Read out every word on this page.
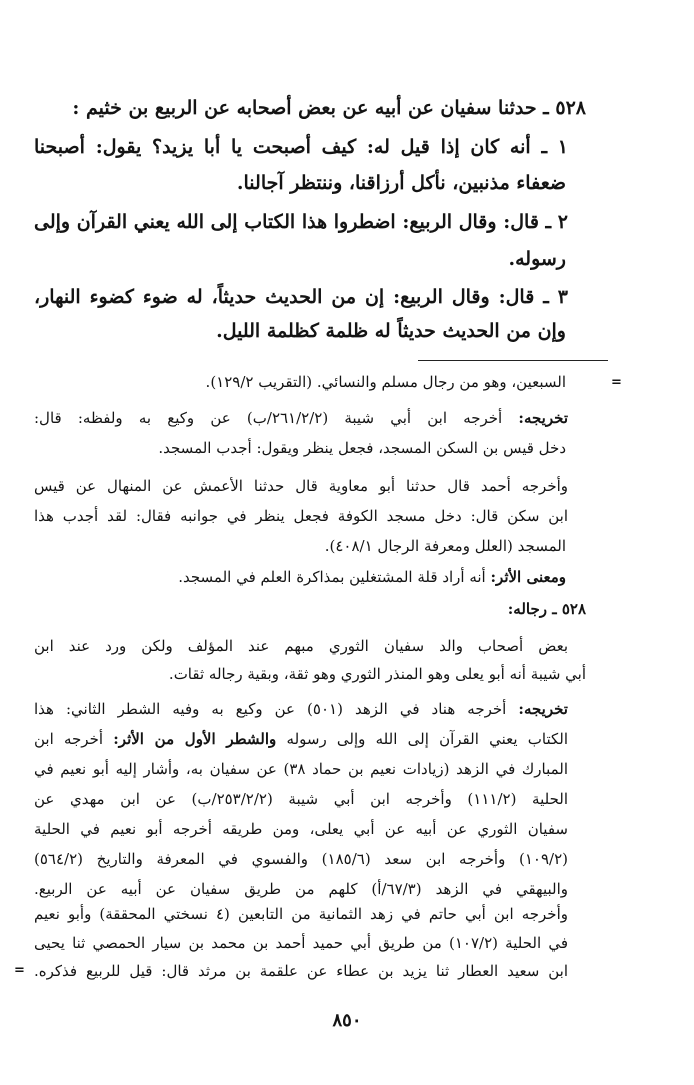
٥٢٨ ـ حدثنا سفيان عن أبيه عن بعض أصحابه عن الربيع بن خثيم :

١ ـ أنه كان إذا قيل له: كيف أصبحت يا أبا يزيد؟ يقول: أصبحنا

ضعفاء مذنبين، نأكل أرزاقنا، وننتظر آجالنا.

٢ ـ قال: وقال الربيع: اضطروا هذا الكتاب إلى الله يعني القرآن وإلى

رسوله.

٣ ـ قال: وقال الربيع: إن من الحديث حديثاً، له ضوء كضوء النهار،

وإن من الحديث حديثاً له ظلمة كظلمة الليل.

=

السبعين، وهو من رجال مسلم والنسائي. (التقريب ١٢٩/٢).

تخريجه: أخرجه ابن أبي شيبة (٢٦١/٢/٢/ب) عن وكيع به ولفظه: قال:

دخل قيس بن السكن المسجد، فجعل ينظر ويقول: أجدب المسجد.

وأخرجه أحمد قال حدثنا أبو معاوية قال حدثنا الأعمش عن المنهال عن قيس

ابن سكن قال: دخل مسجد الكوفة فجعل ينظر في جوانبه فقال: لقد أجدب هذا

المسجد (العلل ومعرفة الرجال ٤٠٨/١).

ومعنى الأثر: أنه أراد قلة المشتغلين بمذاكرة العلم في المسجد.

٥٢٨ ـ رجاله:

بعض أصحاب والد سفيان الثوري مبهم عند المؤلف ولكن ورد عند ابن

أبي شيبة أنه أبو يعلى وهو المنذر الثوري وهو ثقة، وبقية رجاله ثقات.

تخريجه: أخرجه هناد في الزهد (٥٠١) عن وكيع به وفيه الشطر الثاني: هذا

الكتاب يعني القرآن إلى الله وإلى رسوله والشطر الأول من الأثر: أخرجه ابن

المبارك في الزهد (زيادات نعيم بن حماد ٣٨) عن سفيان به، وأشار إليه أبو نعيم في

الحلية (١١١/٢) وأخرجه ابن أبي شيبة (٢٥٣/٢/٢/ب) عن ابن مهدي عن

سفيان الثوري عن أبيه عن أبي يعلى، ومن طريقه أخرجه أبو نعيم في الحلية

(١٠٩/٢) وأخرجه ابن سعد (١٨٥/٦) والفسوي في المعرفة والتاريخ (٥٦٤/٢)

والبيهقي في الزهد (٦٧/٣/أ) كلهم من طريق سفيان عن أبيه عن الربيع.

وأخرجه ابن أبي حاتم في زهد الثمانية من التابعين (٤ نسختي المحققة) وأبو نعيم

في الحلية (١٠٧/٢) من طريق أبي حميد أحمد بن محمد بن سيار الحمصي ثنا يحيى

ابن سعيد العطار ثنا يزيد بن عطاء عن علقمة بن مرثد قال: قيل للربيع فذكره.

=
٨٥٠
